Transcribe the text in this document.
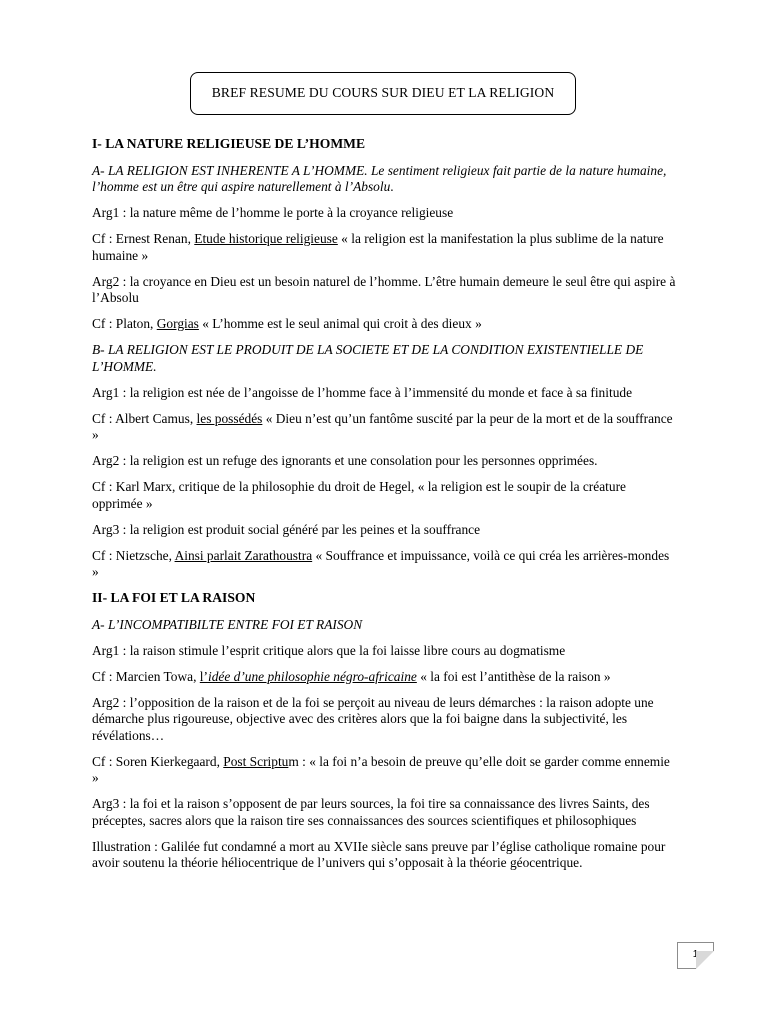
BREF RESUME DU COURS SUR DIEU ET LA RELIGION

I- LA NATURE RELIGIEUSE DE L’HOMME

A- LA RELIGION EST INHERENTE A L’HOMME. Le sentiment religieux fait partie de la nature humaine, l’homme est un être qui aspire naturellement à l’Absolu.

Arg1 : la nature même de l’homme le porte à la croyance religieuse

Cf : Ernest Renan, Etude historique religieuse « la religion est la manifestation la plus sublime de la nature humaine »

Arg2 : la croyance en Dieu est un besoin naturel de l’homme. L’être humain demeure le seul être qui aspire à l’Absolu

Cf : Platon, Gorgias « L’homme est le seul animal qui croit à des dieux »

B- LA RELIGION EST LE PRODUIT DE LA SOCIETE ET DE LA CONDITION EXISTENTIELLE DE L’HOMME.

Arg1 : la religion est née de l’angoisse de l’homme face à l’immensité du monde et face à sa finitude

Cf : Albert Camus, les possédés « Dieu n’est qu’un fantôme suscité par la peur de la mort et de la souffrance »

Arg2 : la religion est un refuge des ignorants et une consolation pour les personnes opprimées.

Cf : Karl Marx, critique de la philosophie du droit de Hegel, « la religion est le soupir de la créature opprimée »

Arg3 : la religion est produit social généré par les peines et la souffrance

Cf : Nietzsche, Ainsi parlait Zarathoustra « Souffrance et impuissance, voilà ce qui créa les arrières-mondes »

II- LA FOI ET LA RAISON

A- L’INCOMPATIBILTE ENTRE FOI ET RAISON

Arg1 : la raison stimule l’esprit critique alors que la foi laisse libre cours au dogmatisme

Cf : Marcien Towa, l’idée d’une philosophie négro-africaine « la foi est l’antithèse de la raison »

Arg2 : l’opposition de la raison et de la foi se perçoit au niveau de leurs démarches : la raison adopte une démarche plus rigoureuse, objective avec des critères alors que la foi baigne dans la subjectivité, les révélations…

Cf : Soren Kierkegaard, Post Scriptum : « la foi n’a besoin de preuve qu’elle doit se garder comme ennemie »

Arg3 : la foi et la raison s’opposent de par leurs sources, la foi tire sa connaissance des livres Saints, des préceptes, sacres alors que la raison tire ses connaissances des sources scientifiques et philosophiques

Illustration : Galilée fut condamné a mort au XVIIe siècle sans preuve par l’église catholique romaine pour avoir soutenu la théorie héliocentrique de l’univers qui s’opposait à la théorie géocentrique.

1
